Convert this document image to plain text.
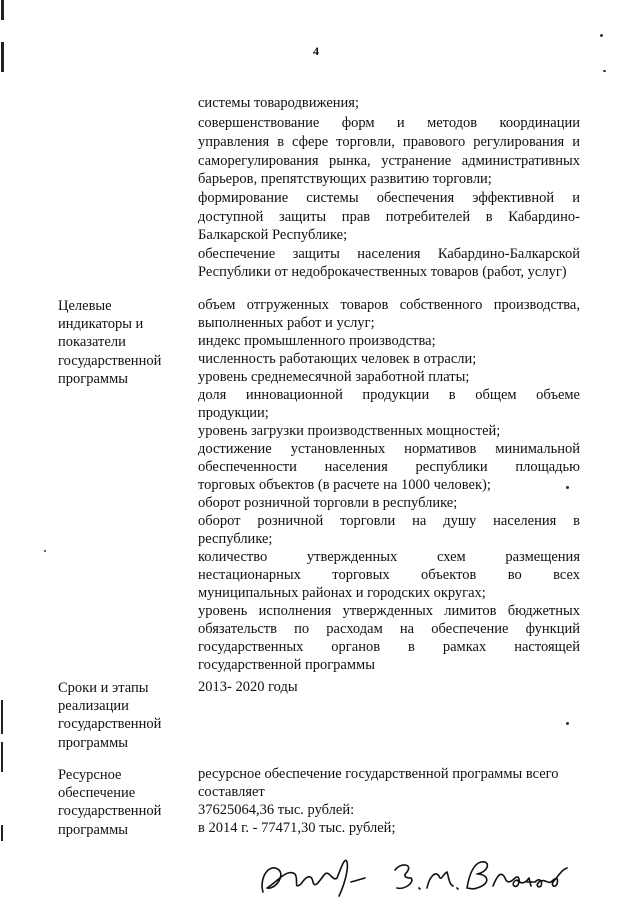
4
системы товародвижения;
совершенствование форм и методов координации
управления в сфере торговли, правового регулирования и
саморегулирования рынка, устранение административных
барьеров, препятствующих развитию торговли;
формирование системы обеспечения эффективной и
доступной защиты прав потребителей в Кабардино-
Балкарской Республике;
обеспечение защиты населения Кабардино-Балкарской
Республики от недоброкачественных товаров (работ, услуг)
Целевые
индикаторы и
показатели
государственной
программы
объем отгруженных товаров собственного производства,
выполненных работ и услуг;
индекс промышленного производства;
численность работающих человек в отрасли;
уровень среднемесячной заработной платы;
доля инновационной продукции в общем объеме
продукции;
уровень загрузки производственных мощностей;
достижение установленных нормативов минимальной
обеспеченности населения республики площадью
торговых объектов (в расчете на 1000 человек);
оборот розничной торговли в республике;
оборот розничной торговли на душу населения в
республике;
количество утвержденных схем размещения
нестационарных торговых объектов во всех
муниципальных районах и городских округах;
уровень исполнения утвержденных лимитов бюджетных
обязательств по расходам на обеспечение функций
государственных органов в рамках настоящей
государственной программы
Сроки и этапы
реализации
государственной
программы
2013- 2020 годы
Ресурсное
обеспечение
государственной
программы
ресурсное обеспечение государственной программы всего
составляет
37625064,36 тыс. рублей:
в 2014 г. - 77471,30 тыс. рублей;
